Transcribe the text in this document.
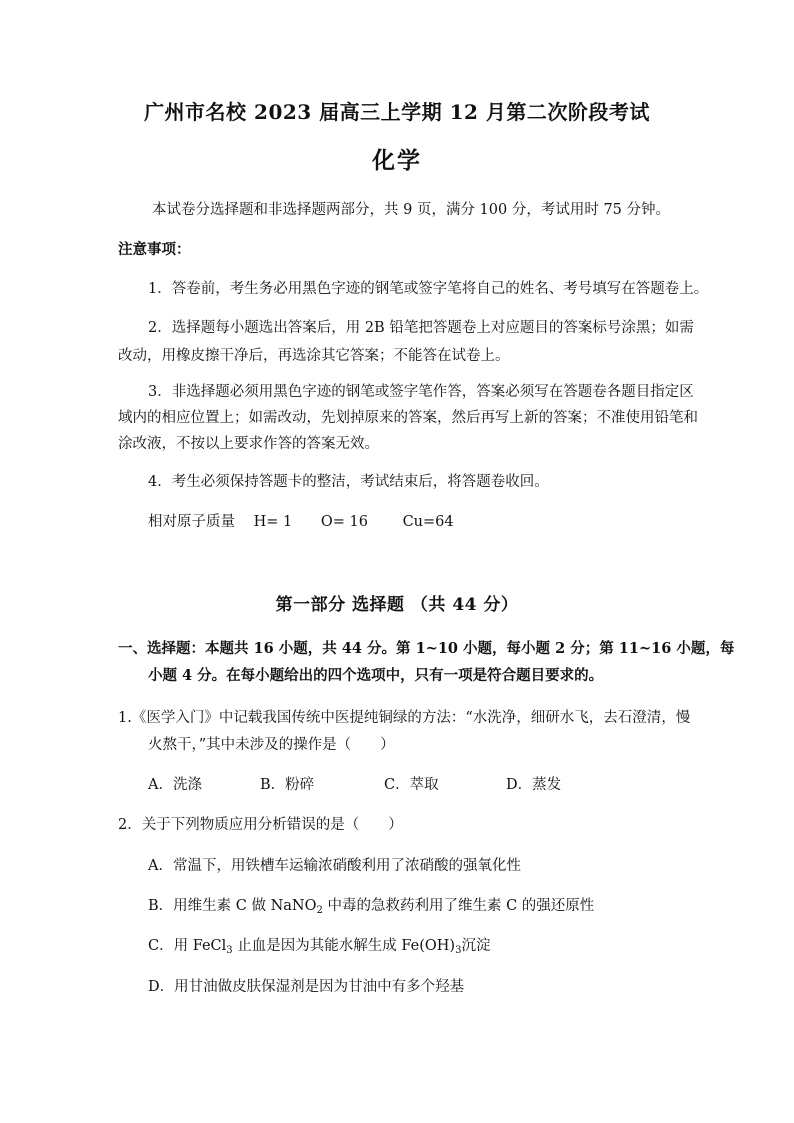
广州市名校 2023 届高三上学期 12 月第二次阶段考试
化学
本试卷分选择题和非选择题两部分，共 9 页，满分 100 分，考试用时 75 分钟。
注意事项：
1．答卷前，考生务必用黑色字迹的钢笔或签字笔将自己的姓名、考号填写在答题卷上。
2．选择题每小题选出答案后，用 2B 铅笔把答题卷上对应题目的答案标号涂黑；如需
改动，用橡皮擦干净后，再选涂其它答案；不能答在试卷上。
3．非选择题必须用黑色字迹的钢笔或签字笔作答，答案必须写在答题卷各题目指定区
域内的相应位置上；如需改动，先划掉原来的答案，然后再写上新的答案；不准使用铅笔和
涂改液，不按以上要求作答的答案无效。
4．考生必须保持答题卡的整洁，考试结束后，将答题卷收回。
相对原子质量 H= 1 O= 16 Cu=64
第一部分 选择题 （共 44 分）
一、选择题：本题共 16 小题，共 44 分。第 1~10 小题，每小题 2 分；第 11~16 小题，每
小题 4 分。在每小题给出的四个选项中，只有一项是符合题目要求的。
1.《医学入门》中记载我国传统中医提纯铜绿的方法：“水洗净，细研水飞，去石澄清，慢
火熬干，”其中未涉及的操作是（　　）
A．洗涤	B．粉碎	C．萃取	D．蒸发
2．关于下列物质应用分析错误的是（　　）
A．常温下，用铁槽车运输浓硝酸利用了浓硝酸的强氧化性
B．用维生素 C 做 NaNO$_2$ 中毒的急救药利用了维生素 C 的强还原性
C．用 FeCl$_3$ 止血是因为其能水解生成 $Fe(OH)_3$沉淀
D．用甘油做皮肤保湿剂是因为甘油中有多个羟基
